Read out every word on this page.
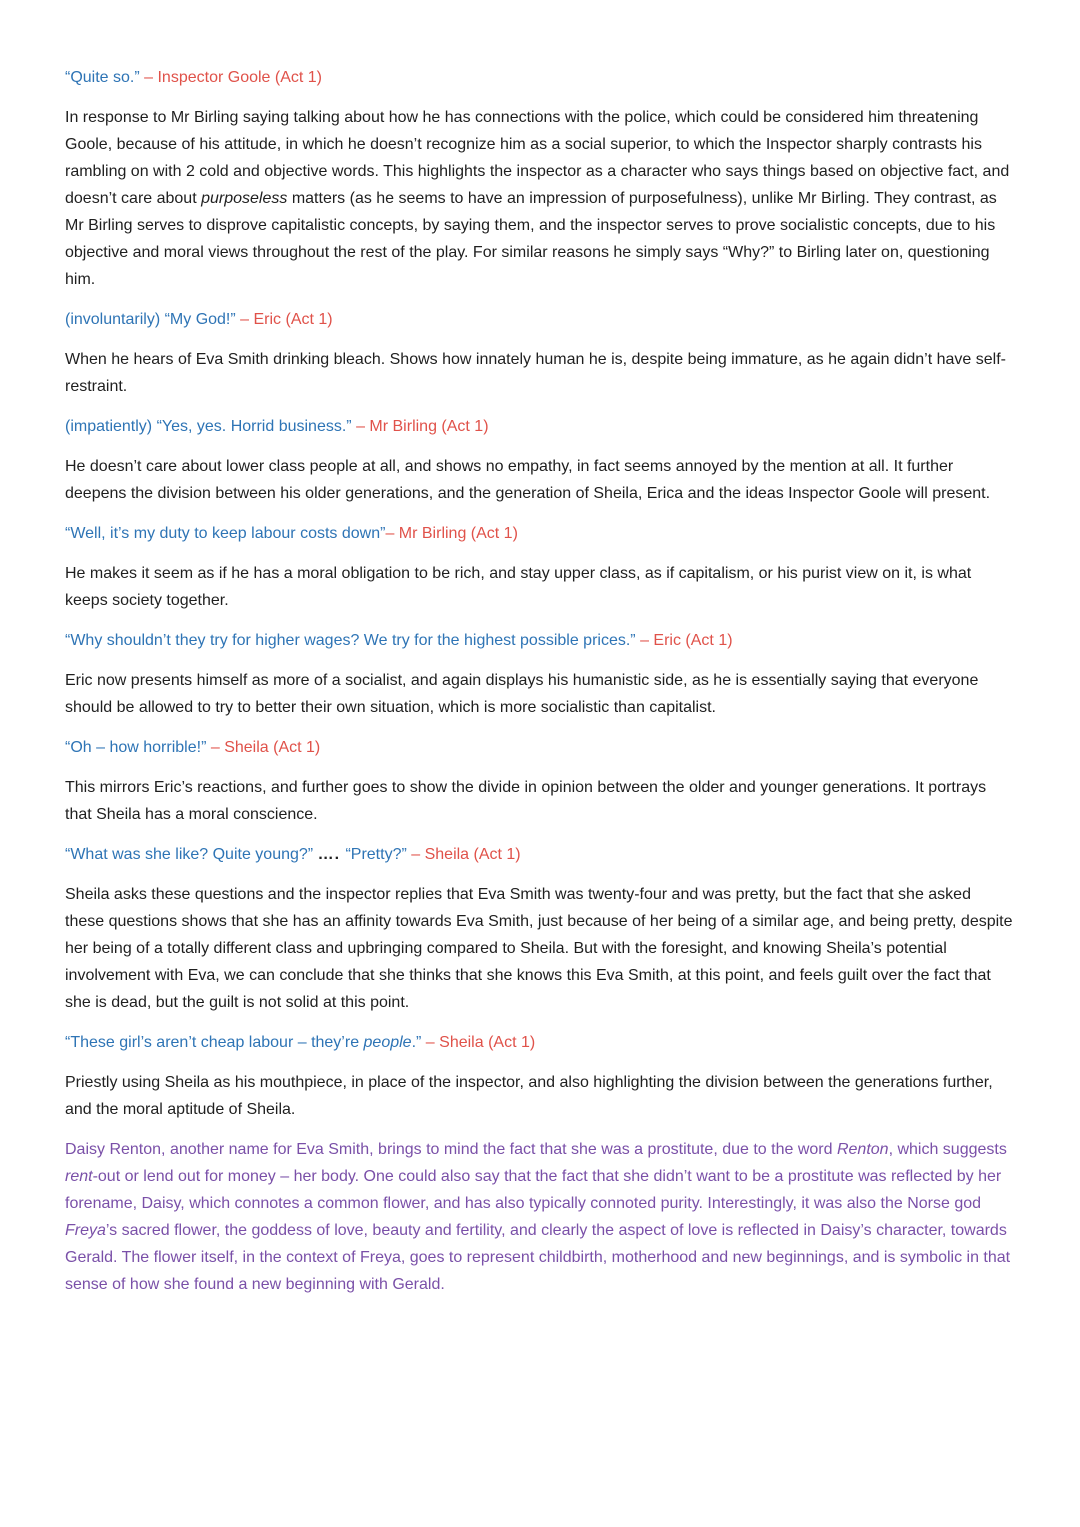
“Quite so.” – Inspector Goole (Act 1)

In response to Mr Birling saying talking about how he has connections with the police, which could be considered him threatening Goole, because of his attitude, in which he doesn’t recognize him as a social superior, to which the Inspector sharply contrasts his rambling on with 2 cold and objective words. This highlights the inspector as a character who says things based on objective fact, and doesn’t care about purposeless matters (as he seems to have an impression of purposefulness), unlike Mr Birling. They contrast, as Mr Birling serves to disprove capitalistic concepts, by saying them, and the inspector serves to prove socialistic concepts, due to his objective and moral views throughout the rest of the play. For similar reasons he simply says “Why?” to Birling later on, questioning him.

(involuntarily) “My God!” – Eric (Act 1)

When he hears of Eva Smith drinking bleach. Shows how innately human he is, despite being immature, as he again didn’t have self-restraint.

(impatiently) “Yes, yes. Horrid business.” – Mr Birling (Act 1)

He doesn’t care about lower class people at all, and shows no empathy, in fact seems annoyed by the mention at all. It further deepens the division between his older generations, and the generation of Sheila, Erica and the ideas Inspector Goole will present.

“Well, it’s my duty to keep labour costs down”– Mr Birling (Act 1)

He makes it seem as if he has a moral obligation to be rich, and stay upper class, as if capitalism, or his purist view on it, is what keeps society together.

“Why shouldn’t they try for higher wages? We try for the highest possible prices.” – Eric (Act 1)

Eric now presents himself as more of a socialist, and again displays his humanistic side, as he is essentially saying that everyone should be allowed to try to better their own situation, which is more socialistic than capitalist.

“Oh – how horrible!” – Sheila (Act 1)

This mirrors Eric’s reactions, and further goes to show the divide in opinion between the older and younger generations. It portrays that Sheila has a moral conscience.

“What was she like? Quite young?” …. “Pretty?” – Sheila (Act 1)

Sheila asks these questions and the inspector replies that Eva Smith was twenty-four and was pretty, but the fact that she asked these questions shows that she has an affinity towards Eva Smith, just because of her being of a similar age, and being pretty, despite her being of a totally different class and upbringing compared to Sheila. But with the foresight, and knowing Sheila’s potential involvement with Eva, we can conclude that she thinks that she knows this Eva Smith, at this point, and feels guilt over the fact that she is dead, but the guilt is not solid at this point.

“These girl’s aren’t cheap labour – they’re people.” – Sheila (Act 1)

Priestly using Sheila as his mouthpiece, in place of the inspector, and also highlighting the division between the generations further, and the moral aptitude of Sheila.

Daisy Renton, another name for Eva Smith, brings to mind the fact that she was a prostitute, due to the word Renton, which suggests rent-out or lend out for money – her body. One could also say that the fact that she didn’t want to be a prostitute was reflected by her forename, Daisy, which connotes a common flower, and has also typically connoted purity. Interestingly, it was also the Norse god Freya’s sacred flower, the goddess of love, beauty and fertility, and clearly the aspect of love is reflected in Daisy’s character, towards Gerald. The flower itself, in the context of Freya, goes to represent childbirth, motherhood and new beginnings, and is symbolic in that sense of how she found a new beginning with Gerald.
